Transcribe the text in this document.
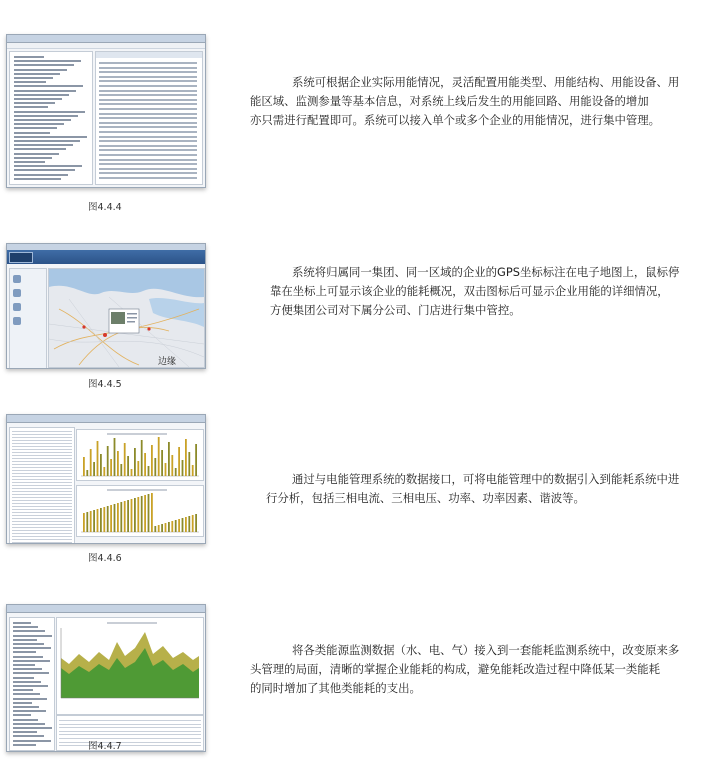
图4.4.4

系统可根据企业实际用能情况，灵活配置用能类型、用能结构、用能设备、用
能区域、监测参量等基本信息，对系统上线后发生的用能回路、用能设备的增加
亦只需进行配置即可。系统可以接入单个或多个企业的用能情况，进行集中管理。

图4.4.5
边缘

系统将归属同一集团、同一区域的企业的GPS坐标标注在电子地图上，鼠标停
靠在坐标上可显示该企业的能耗概况，双击图标后可显示企业用能的详细情况，
方便集团公司对下属分公司、门店进行集中管控。

图4.4.6

通过与电能管理系统的数据接口，可将电能管理中的数据引入到能耗系统中进
行分析，包括三相电流、三相电压、功率、功率因素、谐波等。

图4.4.7

将各类能源监测数据（水、电、气）接入到一套能耗监测系统中，改变原来多
头管理的局面，清晰的掌握企业能耗的构成，避免能耗改造过程中降低某一类能耗
的同时增加了其他类能耗的支出。
